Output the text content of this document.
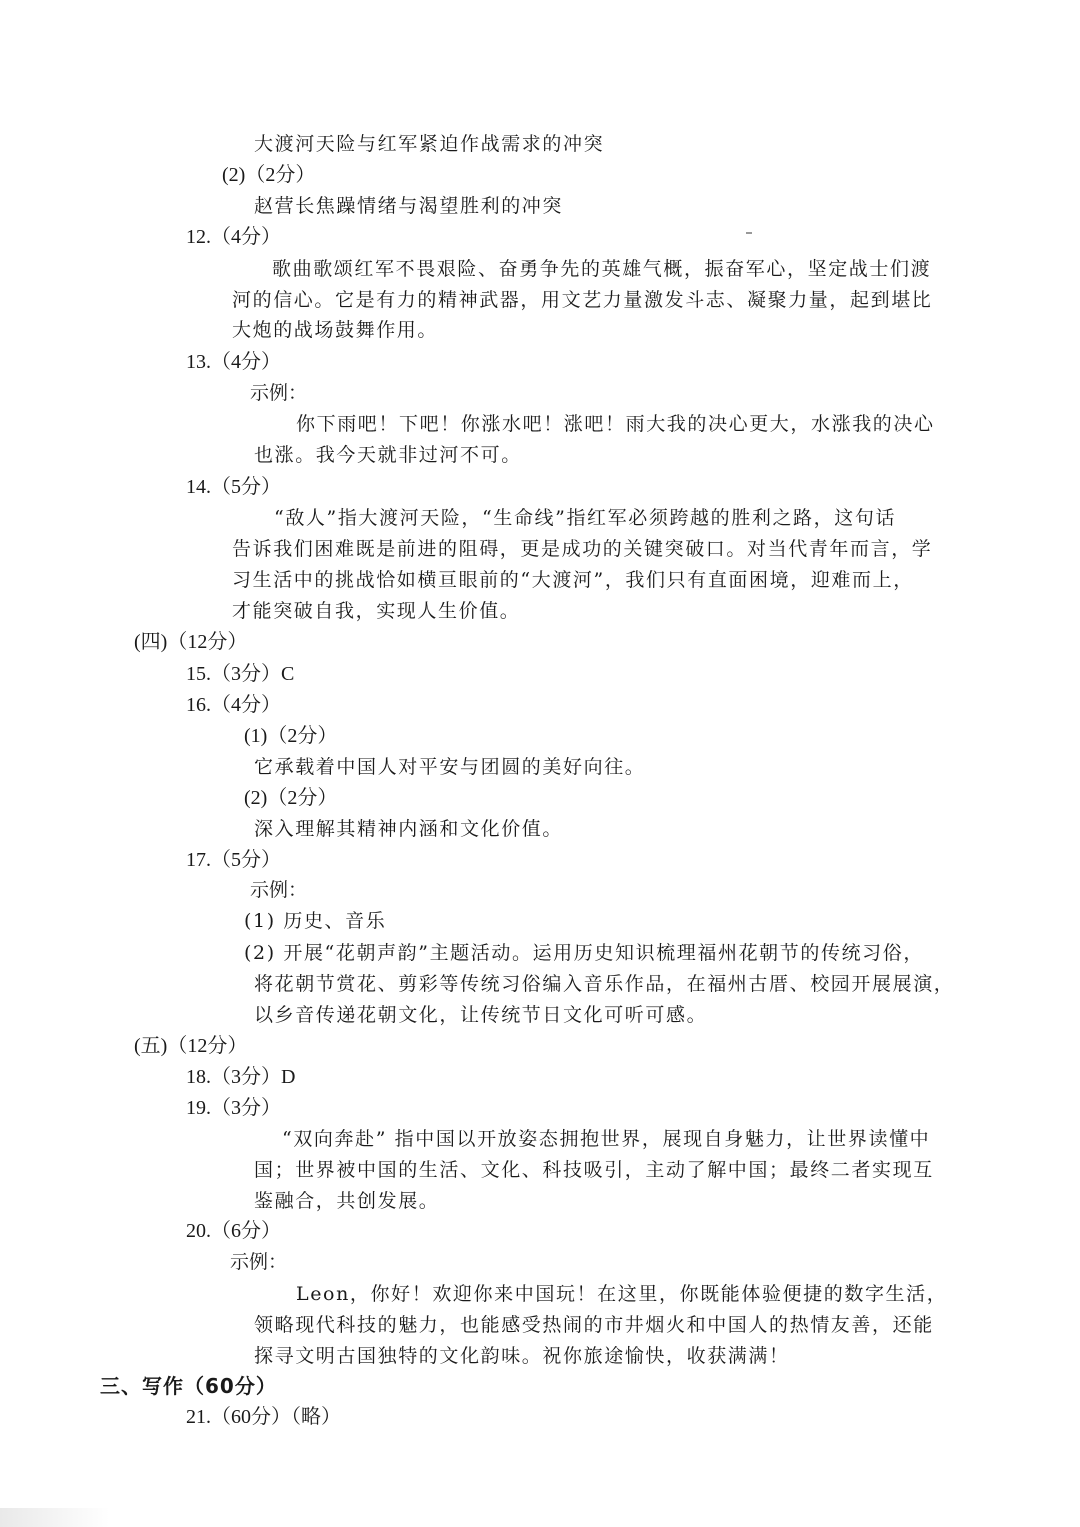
大渡河天险与红军紧迫作战需求的冲突
(2)（2分）
赵营长焦躁情绪与渴望胜利的冲突
12.（4分）
歌曲歌颂红军不畏艰险、奋勇争先的英雄气概，振奋军心，坚定战士们渡
河的信心。它是有力的精神武器，用文艺力量激发斗志、凝聚力量，起到堪比
大炮的战场鼓舞作用。
13.（4分）
示例：
你下雨吧！下吧！你涨水吧！涨吧！雨大我的决心更大，水涨我的决心
也涨。我今天就非过河不可。
14.（5分）
“敌人”指大渡河天险，“生命线”指红军必须跨越的胜利之路，这句话
告诉我们困难既是前进的阻碍，更是成功的关键突破口。对当代青年而言，学
习生活中的挑战恰如横亘眼前的“大渡河”，我们只有直面困境，迎难而上，
才能突破自我，实现人生价值。
(四)（12分）
15.（3分）C
16.（4分）
(1)（2分）
它承载着中国人对平安与团圆的美好向往。
(2)（2分）
深入理解其精神内涵和文化价值。
17.（5分）
示例：
(1) 历史、音乐
(2) 开展“花朝声韵”主题活动。运用历史知识梳理福州花朝节的传统习俗，
将花朝节赏花、剪彩等传统习俗编入音乐作品，在福州古厝、校园开展展演，
以乡音传递花朝文化，让传统节日文化可听可感。
(五)（12分）
18.（3分）D
19.（3分）
“双向奔赴” 指中国以开放姿态拥抱世界，展现自身魅力，让世界读懂中
国；世界被中国的生活、文化、科技吸引，主动了解中国；最终二者实现互
鉴融合，共创发展。
20.（6分）
示例：
Leon，你好！欢迎你来中国玩！在这里，你既能体验便捷的数字生活，
领略现代科技的魅力，也能感受热闹的市井烟火和中国人的热情友善，还能
探寻文明古国独特的文化韵味。祝你旅途愉快，收获满满！
三、写作（60分）
21.（60分）（略）
